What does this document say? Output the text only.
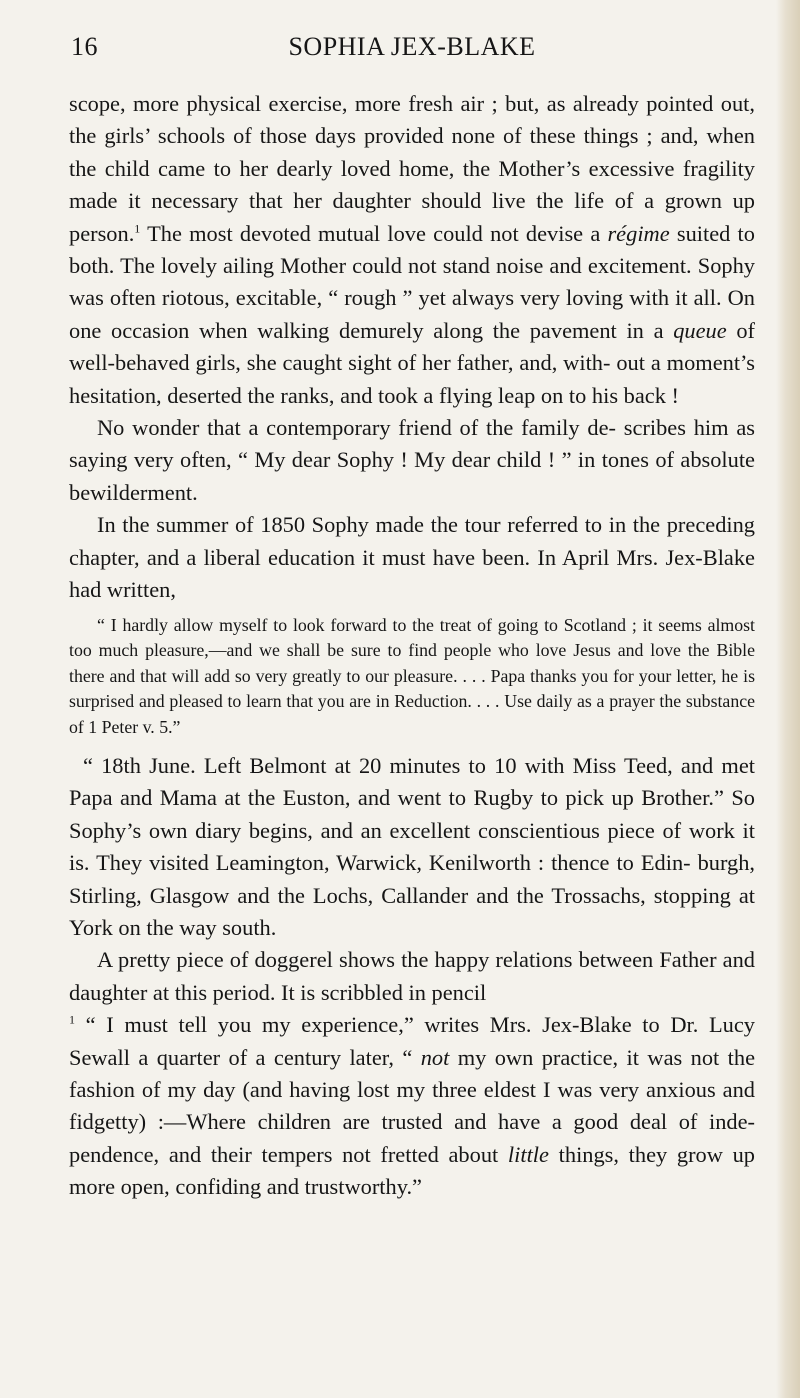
16	SOPHIA JEX-BLAKE

scope, more physical exercise, more fresh air ; but, as already pointed out, the girls’ schools of those days provided none of these things ; and, when the child came to her dearly loved home, the Mother’s excessive fragility made it necessary that her daughter should live the life of a grown up person.$^1$ The most devoted mutual love could not devise a régime suited to both. The lovely ailing Mother could not stand noise and excitement. Sophy was often riotous, excitable, “ rough ” yet always very loving with it all. On one occasion when walking demurely along the pavement in a queue of well-behaved girls, she caught sight of her father, and, with- out a moment’s hesitation, deserted the ranks, and took a flying leap on to his back !

No wonder that a contemporary friend of the family de- scribes him as saying very often, “ My dear Sophy ! My dear child ! ” in tones of absolute bewilderment.

In the summer of 1850 Sophy made the tour referred to in the preceding chapter, and a liberal education it must have been. In April Mrs. Jex-Blake had written,

“ I hardly allow myself to look forward to the treat of going to Scotland ; it seems almost too much pleasure,—and we shall be sure to find people who love Jesus and love the Bible there and that will add so very greatly to our pleasure. . . . Papa thanks you for your letter, he is surprised and pleased to learn that you are in Reduction. . . . Use daily as a prayer the substance of 1 Peter v. 5.”

“ 18th June. Left Belmont at 20 minutes to 10 with Miss Teed, and met Papa and Mama at the Euston, and went to Rugby to pick up Brother.” So Sophy’s own diary begins, and an excellent conscientious piece of work it is. They visited Leamington, Warwick, Kenilworth : thence to Edin- burgh, Stirling, Glasgow and the Lochs, Callander and the Trossachs, stopping at York on the way south.

A pretty piece of doggerel shows the happy relations between Father and daughter at this period. It is scribbled in pencil

$^1$ “ I must tell you my experience,” writes Mrs. Jex-Blake to Dr. Lucy Sewall a quarter of a century later, “ not my own practice, it was not the fashion of my day (and having lost my three eldest I was very anxious and fidgetty) :—Where children are trusted and have a good deal of inde- pendence, and their tempers not fretted about little things, they grow up more open, confiding and trustworthy.”
